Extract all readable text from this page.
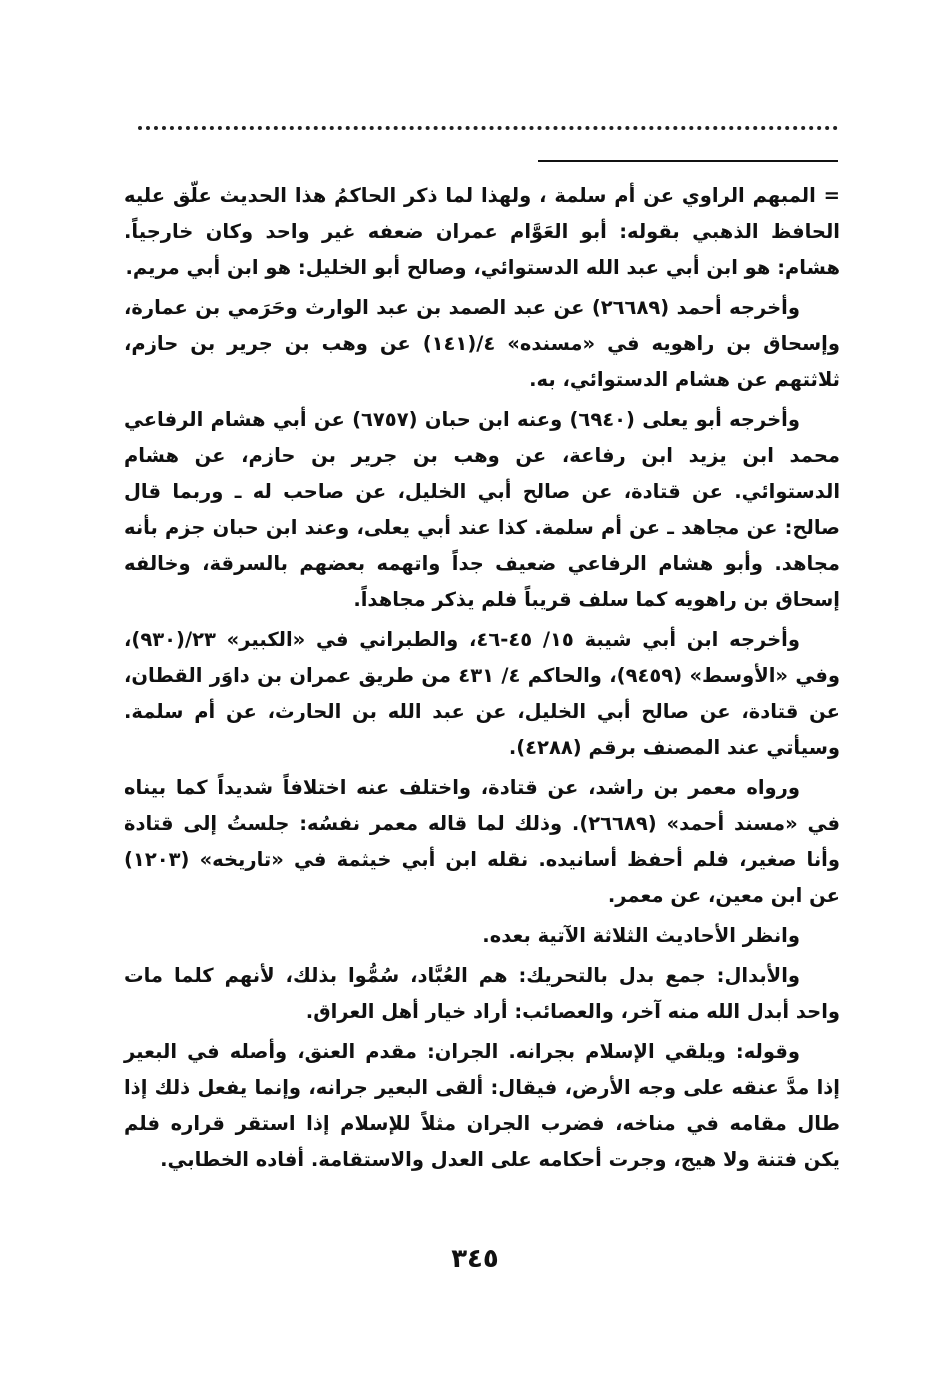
= المبهم الراوي عن أم سلمة ، ولهذا لما ذكر الحاكمُ هذا الحديث علّق عليه الحافظ الذهبي بقوله: أبو العَوَّام عمران ضعفه غير واحد وكان خارجياً. هشام: هو ابن أبي عبد الله الدستوائي، وصالح أبو الخليل: هو ابن أبي مريم.

وأخرجه أحمد (٢٦٦٨٩) عن عبد الصمد بن عبد الوارث وحَرَمي بن عمارة، وإسحاق بن راهويه في «مسنده» ٤/(١٤١) عن وهب بن جرير بن حازم، ثلاثتهم عن هشام الدستوائي، به.

وأخرجه أبو يعلى (٦٩٤٠) وعنه ابن حبان (٦٧٥٧) عن أبي هشام الرفاعي محمد ابن يزيد ابن رفاعة، عن وهب بن جرير بن حازم، عن هشام الدستوائي. عن قتادة، عن صالح أبي الخليل، عن صاحب له ـ وربما قال صالح: عن مجاهد ـ عن أم سلمة. كذا عند أبي يعلى، وعند ابن حبان جزم بأنه مجاهد. وأبو هشام الرفاعي ضعيف جداً واتهمه بعضهم بالسرقة، وخالفه إسحاق بن راهويه كما سلف قريباً فلم يذكر مجاهداً.

وأخرجه ابن أبي شيبة ١٥/ ٤٥-٤٦، والطبراني في «الكبير» ٢٣/(٩٣٠)، وفي «الأوسط» (٩٤٥٩)، والحاكم ٤/ ٤٣١ من طريق عمران بن داوَر القطان، عن قتادة، عن صالح أبي الخليل، عن عبد الله بن الحارث، عن أم سلمة. وسيأتي عند المصنف برقم (٤٢٨٨).

ورواه معمر بن راشد، عن قتادة، واختلف عنه اختلافاً شديداً كما بيناه في «مسند أحمد» (٢٦٦٨٩). وذلك لما قاله معمر نفسُه: جلستُ إلى قتادة وأنا صغير، فلم أحفظ أسانيده. نقله ابن أبي خيثمة في «تاريخه» (١٢٠٣) عن ابن معين، عن معمر.

وانظر الأحاديث الثلاثة الآتية بعده.

والأبدال: جمع بدل بالتحريك: هم العُبَّاد، سُمُّوا بذلك، لأنهم كلما مات واحد أبدل الله منه آخر، والعصائب: أراد خيار أهل العراق.

وقوله: ويلقي الإسلام بجرانه. الجران: مقدم العنق، وأصله في البعير إذا مدَّ عنقه على وجه الأرض، فيقال: ألقى البعير جرانه، وإنما يفعل ذلك إذا طال مقامه في مناخه، فضرب الجران مثلاً للإسلام إذا استقر قراره فلم يكن فتنة ولا هيج، وجرت أحكامه على العدل والاستقامة. أفاده الخطابي.

٣٤٥
